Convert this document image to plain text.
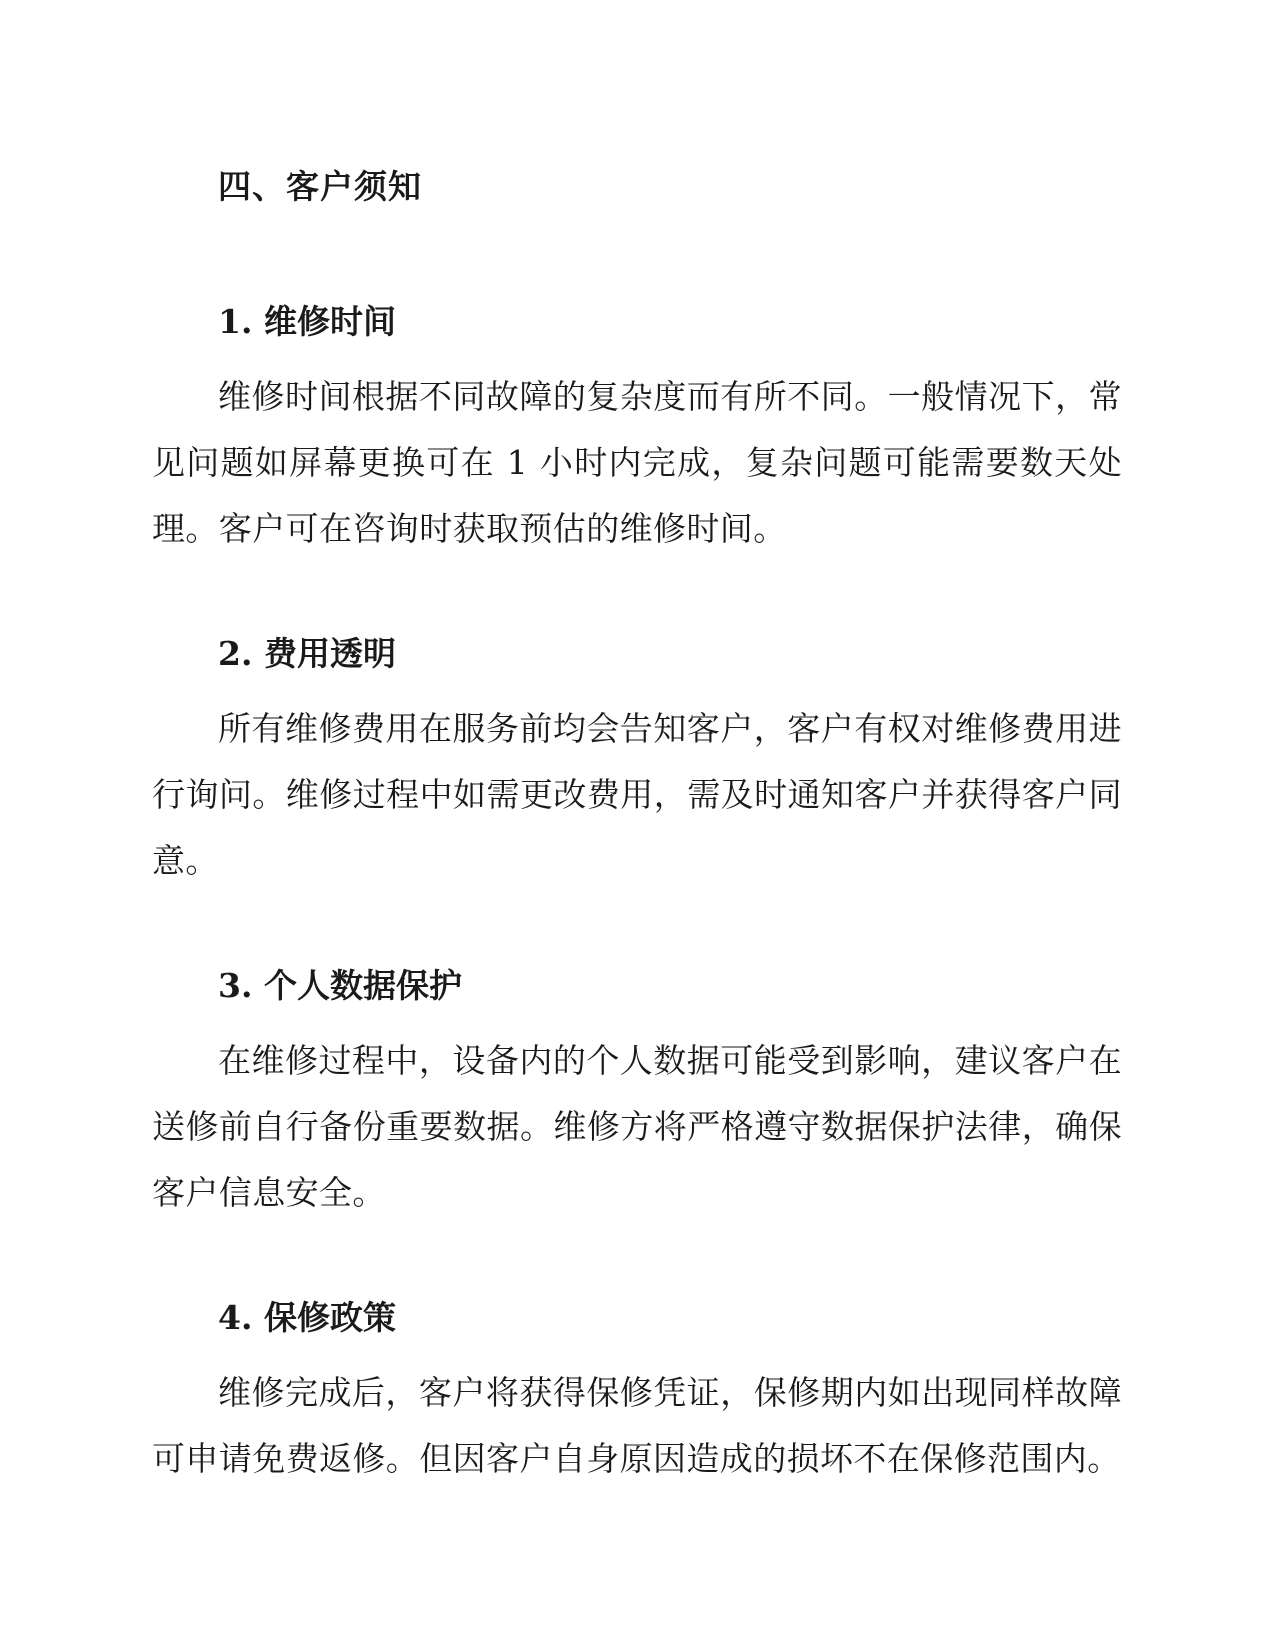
四、客户须知
1. 维修时间

维修时间根据不同故障的复杂度而有所不同。一般情况下，常见问题如屏幕更换可在 1 小时内完成，复杂问题可能需要数天处理。客户可在咨询时获取预估的维修时间。

2. 费用透明

所有维修费用在服务前均会告知客户，客户有权对维修费用进行询问。维修过程中如需更改费用，需及时通知客户并获得客户同意。

3. 个人数据保护

在维修过程中，设备内的个人数据可能受到影响，建议客户在送修前自行备份重要数据。维修方将严格遵守数据保护法律，确保客户信息安全。

4. 保修政策

维修完成后，客户将获得保修凭证，保修期内如出现同样故障可申请免费返修。但因客户自身原因造成的损坏不在保修范围内。
